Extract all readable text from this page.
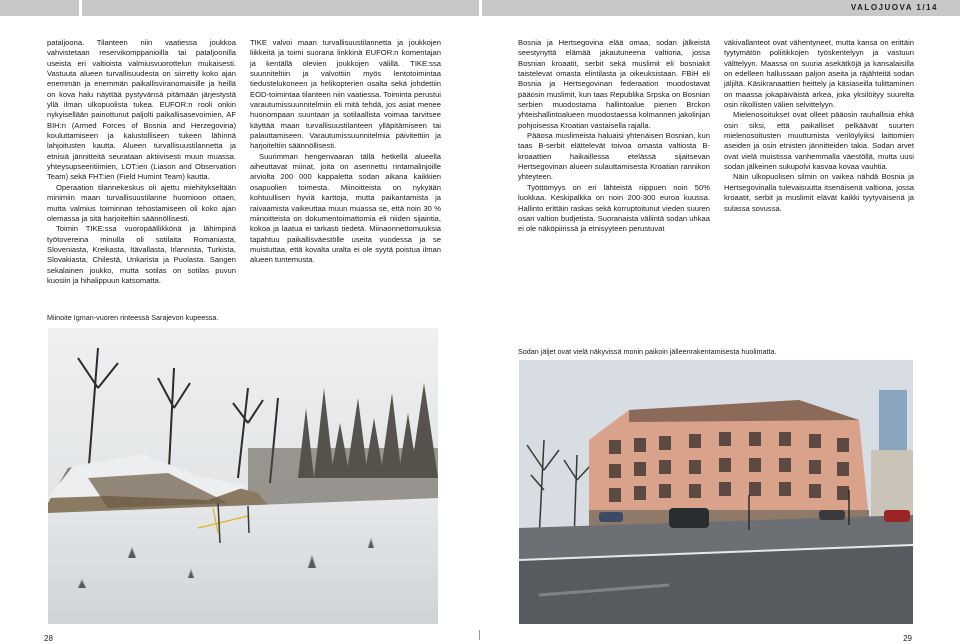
VALOJUOVA 1/14

pataljoona. Tilanteen niin vaatiessa joukkoa vahvistetaan reservikomppanioilla tai pataljoonilla useista eri valtioista valmiusvuorottelun mukaisesti. Vastuuta alueen turvallisuudesta on siirretty koko ajan enemmän ja enemmän paikallisviranomaisille ja heillä on kova halu näyttää pystyvänsä pitämään järjestystä yllä ilman ulkopuolista tukea. EUFOR:n rooli onkin nykyisellään painottunut paljolti paikallisasevoimien, AF BIH:n (Armed Forces of Bosnia and Herzegovina) kouluttamiseen ja kalustolliseen tukeen lähinnä lahjoitusten kautta. Alueen turvallisuustilannetta ja etnisiä jännitteitä seurataan aktiivisesti muun muassa. yhteysupseeritiimien, LOT:ien (Liason and Observation Team) sekä FHT:ien (Field Humint Team) kautta.

Operaation tilannekeskus oli ajettu miehitykseltään minimiin maan turvallisuustilanne huomioon ottaen, mutta valmius toiminnan tehostamiseen oli koko ajan olemassa ja sitä harjoiteltiin säännöllisesti.

Toimin TIKE:ssa vuoropäällikkönä ja lähimpinä työtovereina minulla oli sotilaita Romaniasta, Sloveniasta, Kreikasta, Itävallasta, Irlannista, Turkista, Slovakiasta, Chilestä, Unkarista ja Puolasta. Sangen sekalainen joukko, mutta sotilas on sotilas puvun kuosiin ja hihalippuun katsomatta.

TIKE valvoi maan turvallisuustilannetta ja joukkojen liikkeitä ja toimi suorana linkkinä EUFOR:n komentajan ja kentällä olevien joukkojen välillä. TIKE:ssa suunniteltiin ja valvottiin myös lentotoimintaa tiedustelukoneen ja helikopterien osalta sekä johdettiin EOD-toimintaa tilanteen niin vaatiessa. Toiminta perustui varautumissuunnitelmiin eli mitä tehdä, jos asiat menee huonompaan suuntaan ja sotilaallista voimaa tarvitsee käyttää maan turvallisuustilanteen ylläpitämiseen tai palauttamiseen. Varautumissuunnitelmia päivitettiin ja harjoiteltiin säännöllisesti.

Suurimman hengenvaaran tällä hetkellä alueella aiheuttavat miinat, joita on asennettu rintamalinjoille arviolta 200 000 kappaletta sodan aikana kaikkien osapuolien toimesta. Miinoitteista on nykyään kohtuullisen hyviä karttoja, mutta paikantamista ja raivaamista vaikeuttaa muun muassa se, että noin 30 % miinoitteista on dokumentoimattomia eli niiden sijaintia, kokoa ja laatua ei tarkasti tiedetä. Miinaonnettomuuksia tapahtuu paikallisväestölle useita vuodessa ja se muistuttaa, että kovalta uralta ei ole syytä poistua ilman alueen tuntemusta.

Bosnia ja Hertsegovina elää omaa, sodan jälkeistä seestynyttä elämää jakautuneena valtiona, jossa Bosnian kroaatit, serbit sekä muslimit eli bosniakit taistelevat omasta elintilasta ja oikeuksistaan. FBiH eli Bosnia ja Hertsegovinan federaation muodostavat pääosin muslimit, kun taas Republika Srpska on Bosnian serbien muodostama hallintoalue pienen Brckon yhteishallintoalueen muodostaessa kolmannen jakolinjan pohjoisessa Kroatian vastaisella rajalla.

Pääosa muslimeista haluaisi yhtenäisen Bosnian, kun taas B-serbit elättelevät toivoa omasta valtiosta B-kroaattien haikaillessa etelässä sijaitsevan Hertsegovinan alueen sulauttamisesta Kroatian rannikon yhteyteen.

Työttömyys on eri lähteistä riippuen noin 50% luokkaa. Keskipalkka on noin 200-300 euroa kuussa. Hallinto erittäin raskas sekä korruptoitunut vieden suuren osan valtion budjetista. Suoranaista väliintä sodan uhkaa ei ole näköpiirissä ja etnisyyteen perustuvat

väkivallanteot ovat vähentyneet, mutta kansa on erittäin tyytymätön poliitikkojen työskentelyyn ja vastuun välttelyyn. Maassa on suuria asekätköjä ja kansalaisilla on edelleen hallussaan paljon aseita ja räjähteitä sodan jäljiltä. Käsikranaattien heittely ja käsiaseilla tulittaminen on maassa jokapäiväistä arkea, joka yksilöityy suurelta osin rikollisten välien selvittelyyn.

Mielenosoitukset ovat olleet pääosin rauhallisia ehkä osin siksi, että paikalliset pelkäävät suurten mielenosoitusten muuttumista verilöylyiksi laittomien aseiden ja osin etnisten jännitteiden takia. Sodan arvet ovat vielä muistissa vanhemmalla väestöllä, mutta uusi sodan jälkeinen sukupolvi kasvaa kovaa vauhtia.

Näin ulkopuolisen silmin on vaikea nähdä Bosnia ja Hertsegovinalla tulevaisuutta itsenäisenä valtiona, jossa kroaatit, serbit ja muslimit elävät kaikki tyytyväisenä ja sulassa sovussa.

Miinoite Igman-vuoren rinteessä Sarajevon kupeessa.
Sodan jäljet ovat vielä näkyvissä monin paikoin jälleenrakentamisesta huolimatta.
28	29
